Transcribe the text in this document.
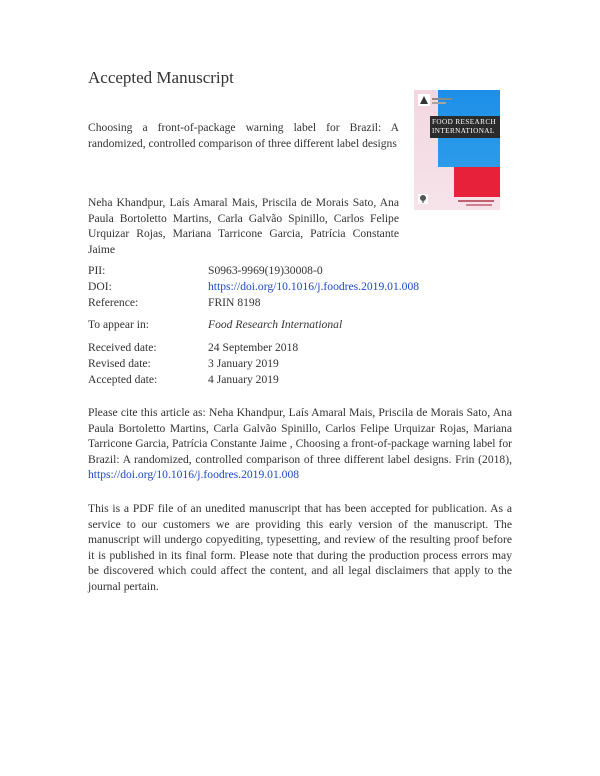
Accepted Manuscript
Choosing a front-of-package warning label for Brazil: A randomized, controlled comparison of three different label designs
FOOD RESEARCH
INTERNATIONAL
Neha Khandpur, Laís Amaral Mais, Priscila de Morais Sato, Ana Paula Bortoletto Martins, Carla Galvão Spinillo, Carlos Felipe Urquizar Rojas, Mariana Tarricone Garcia, Patrícia Constante Jaime
PII:	S0963-9969(19)30008-0
DOI:	https://doi.org/10.1016/j.foodres.2019.01.008
Reference:	FRIN 8198
To appear in:	Food Research International
Received date:	24 September 2018
Revised date:	3 January 2019
Accepted date:	4 January 2019
Please cite this article as: Neha Khandpur, Laís Amaral Mais, Priscila de Morais Sato, Ana Paula Bortoletto Martins, Carla Galvão Spinillo, Carlos Felipe Urquizar Rojas, Mariana Tarricone Garcia, Patrícia Constante Jaime , Choosing a front-of-package warning label for Brazil: A randomized, controlled comparison of three different label designs. Frin (2018), https://doi.org/10.1016/j.foodres.2019.01.008
This is a PDF file of an unedited manuscript that has been accepted for publication. As a service to our customers we are providing this early version of the manuscript. The manuscript will undergo copyediting, typesetting, and review of the resulting proof before it is published in its final form. Please note that during the production process errors may be discovered which could affect the content, and all legal disclaimers that apply to the journal pertain.
